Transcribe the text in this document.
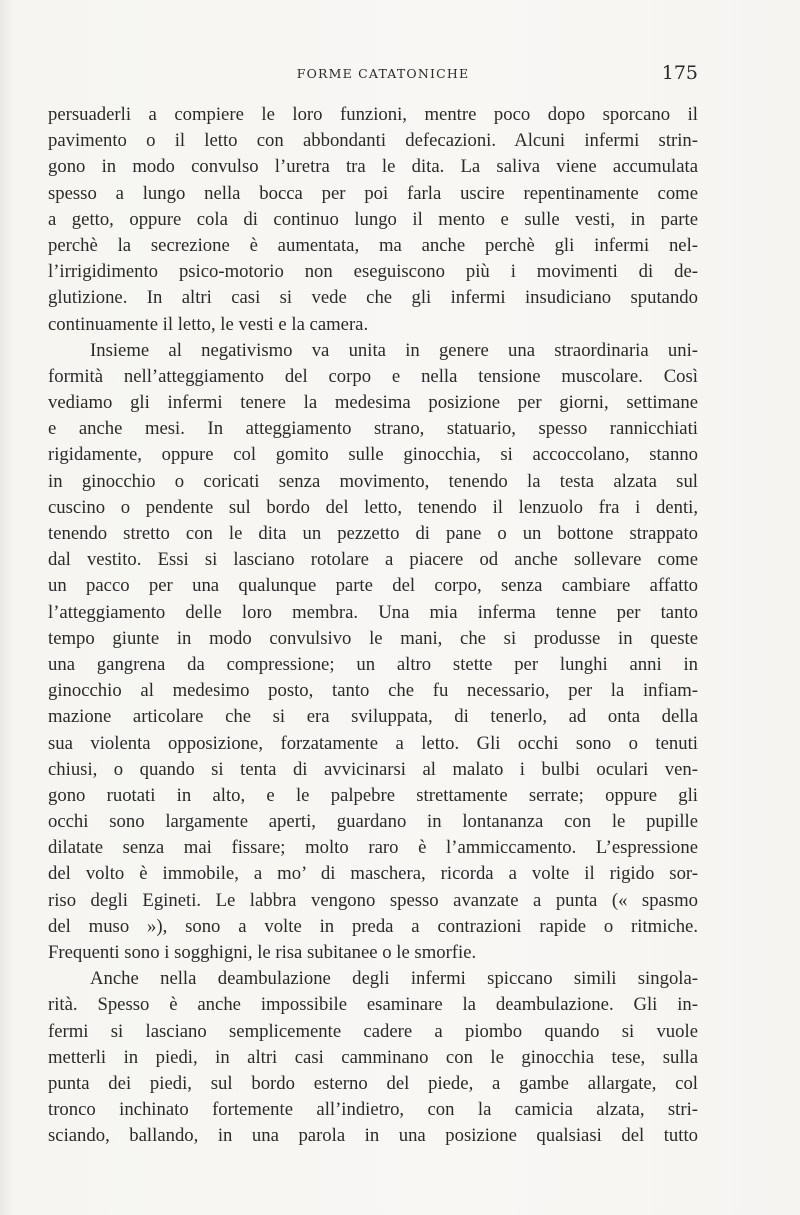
FORME CATATONICHE	175
persuaderli a compiere le loro funzioni, mentre poco dopo sporcano il
pavimento o il letto con abbondanti defecazioni. Alcuni infermi strin-
gono in modo convulso l’uretra tra le dita. La saliva viene accumulata
spesso a lungo nella bocca per poi farla uscire repentinamente come
a getto, oppure cola di continuo lungo il mento e sulle vesti, in parte
perchè la secrezione è aumentata, ma anche perchè gli infermi nel-
l’irrigidimento psico-motorio non eseguiscono più i movimenti di de-
glutizione. In altri casi si vede che gli infermi insudiciano sputando
continuamente il letto, le vesti e la camera.
Insieme al negativismo va unita in genere una straordinaria uni-
formità nell’atteggiamento del corpo e nella tensione muscolare. Così
vediamo gli infermi tenere la medesima posizione per giorni, settimane
e anche mesi. In atteggiamento strano, statuario, spesso rannicchiati
rigidamente, oppure col gomito sulle ginocchia, si accoccolano, stanno
in ginocchio o coricati senza movimento, tenendo la testa alzata sul
cuscino o pendente sul bordo del letto, tenendo il lenzuolo fra i denti,
tenendo stretto con le dita un pezzetto di pane o un bottone strappato
dal vestito. Essi si lasciano rotolare a piacere od anche sollevare come
un pacco per una qualunque parte del corpo, senza cambiare affatto
l’atteggiamento delle loro membra. Una mia inferma tenne per tanto
tempo giunte in modo convulsivo le mani, che si produsse in queste
una gangrena da compressione; un altro stette per lunghi anni in
ginocchio al medesimo posto, tanto che fu necessario, per la infiam-
mazione articolare che si era sviluppata, di tenerlo, ad onta della
sua violenta opposizione, forzatamente a letto. Gli occhi sono o tenuti
chiusi, o quando si tenta di avvicinarsi al malato i bulbi oculari ven-
gono ruotati in alto, e le palpebre strettamente serrate; oppure gli
occhi sono largamente aperti, guardano in lontananza con le pupille
dilatate senza mai fissare; molto raro è l’ammiccamento. L’espressione
del volto è immobile, a mo’ di maschera, ricorda a volte il rigido sor-
riso degli Egineti. Le labbra vengono spesso avanzate a punta (« spasmo
del muso »), sono a volte in preda a contrazioni rapide o ritmiche.
Frequenti sono i sogghigni, le risa subitanee o le smorfie.
Anche nella deambulazione degli infermi spiccano simili singola-
rità. Spesso è anche impossibile esaminare la deambulazione. Gli in-
fermi si lasciano semplicemente cadere a piombo quando si vuole
metterli in piedi, in altri casi camminano con le ginocchia tese, sulla
punta dei piedi, sul bordo esterno del piede, a gambe allargate, col
tronco inchinato fortemente all’indietro, con la camicia alzata, stri-
sciando, ballando, in una parola in una posizione qualsiasi del tutto
